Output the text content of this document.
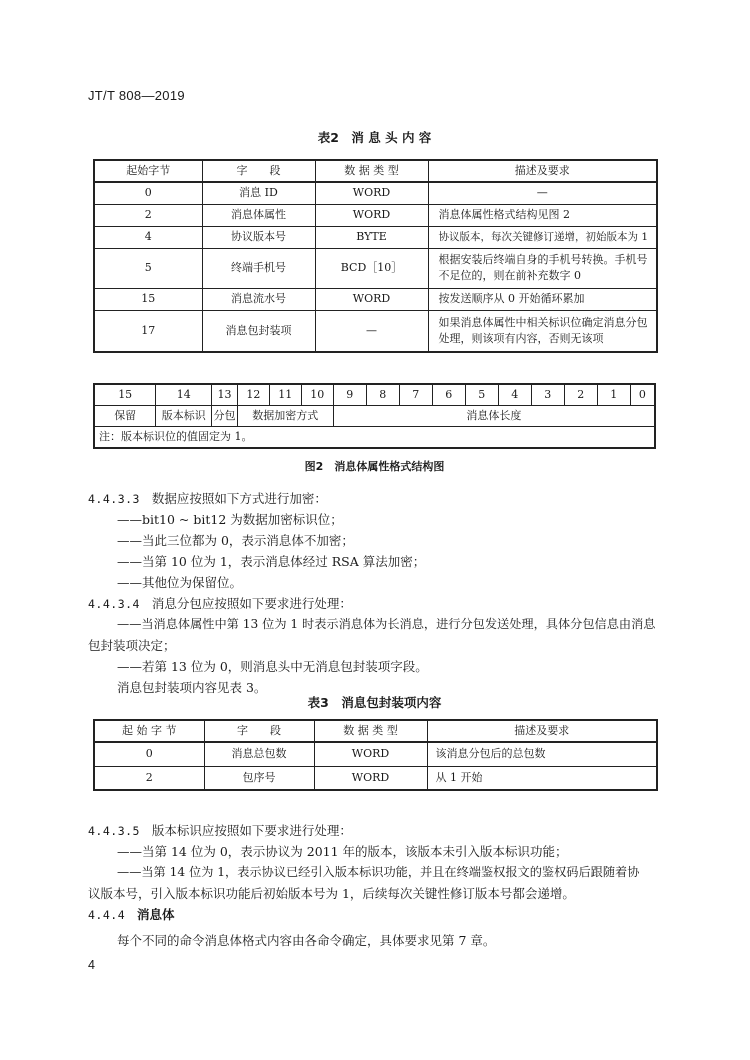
JT/T 808—2019
表2　消 息 头 内 容
起始字节	字　　段	数 据 类 型	描述及要求
0	消息 ID	WORD	—
2	消息体属性	WORD	消息体属性格式结构见图 2
4	协议版本号	BYTE	协议版本，每次关键修订递增，初始版本为 1
5	终端手机号	BCD［10］	根据安装后终端自身的手机号转换。手机号不足位的，则在前补充数字 0
15	消息流水号	WORD	按发送顺序从 0 开始循环累加
17	消息包封装项	—	如果消息体属性中相关标识位确定消息分包处理，则该项有内容，否则无该项
15	14	13	12	11	10	9	8	7	6	5	4	3	2	1	0
保留	版本标识	分包	数据加密方式			消息体长度									
注：版本标识位的值固定为 1。															
图2　消息体属性格式结构图
4.4.3.3 数据应按照如下方式进行加密：
——bit10 ~ bit12 为数据加密标识位；
——当此三位都为 0，表示消息体不加密；
——当第 10 位为 1，表示消息体经过 RSA 算法加密；
——其他位为保留位。
4.4.3.4 消息分包应按照如下要求进行处理：
——当消息体属性中第 13 位为 1 时表示消息体为长消息，进行分包发送处理，具体分包信息由消息
包封装项决定；
——若第 13 位为 0，则消息头中无消息包封装项字段。
消息包封装项内容见表 3。
表3　消息包封装项内容
起 始 字 节	字　　段	数 据 类 型	描述及要求
0	消息总包数	WORD	该消息分包后的总包数
2	包序号	WORD	从 1 开始
4.4.3.5 版本标识应按照如下要求进行处理：
——当第 14 位为 0，表示协议为 2011 年的版本，该版本未引入版本标识功能；
——当第 14 位为 1，表示协议已经引入版本标识功能，并且在终端鉴权报文的鉴权码后跟随着协
议版本号，引入版本标识功能后初始版本号为 1，后续每次关键性修订版本号都会递增。
4.4.4 消息体
每个不同的命令消息体格式内容由各命令确定，具体要求见第 7 章。
4
